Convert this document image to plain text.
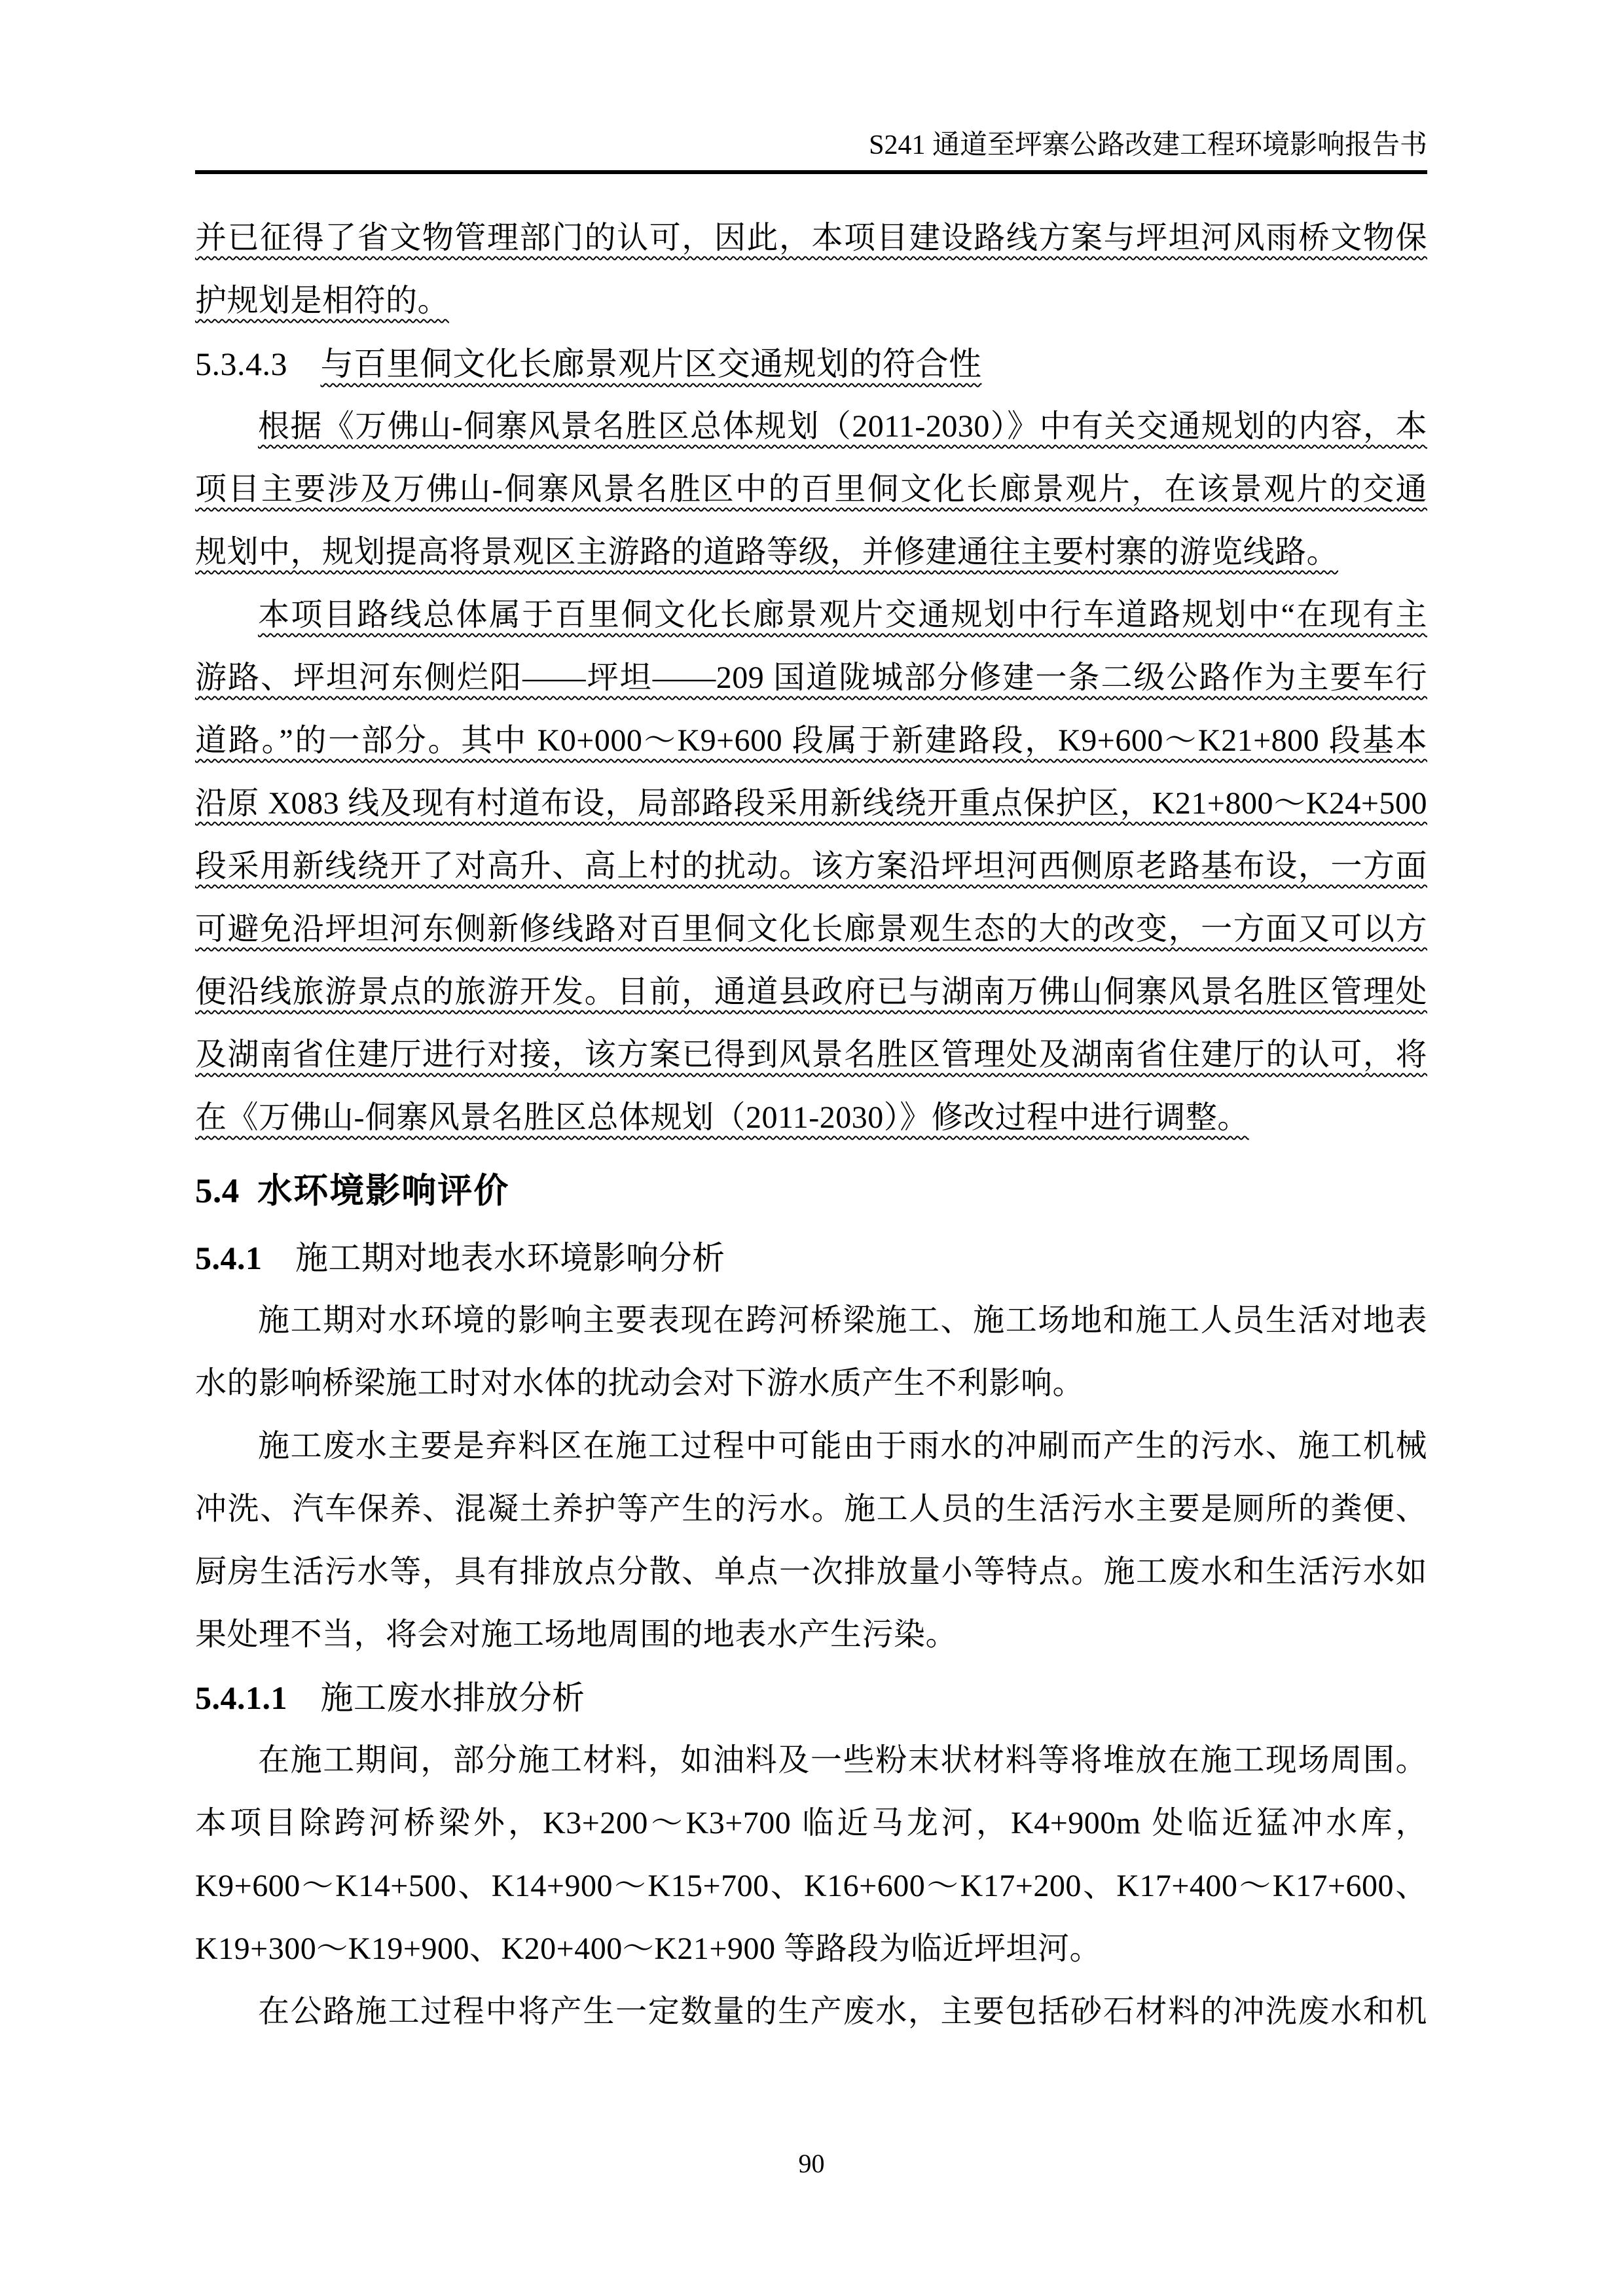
S241 通道至坪寨公路改建工程环境影响报告书
并已征得了省文物管理部门的认可，因此，本项目建设路线方案与坪坦河风雨桥文物保
护规划是相符的。
5.3.4.3　与百里侗文化长廊景观片区交通规划的符合性
根据《万佛山-侗寨风景名胜区总体规划（2011-2030）》中有关交通规划的内容，本
项目主要涉及万佛山-侗寨风景名胜区中的百里侗文化长廊景观片，在该景观片的交通
规划中，规划提高将景观区主游路的道路等级，并修建通往主要村寨的游览线路。
本项目路线总体属于百里侗文化长廊景观片交通规划中行车道路规划中“在现有主
游路、坪坦河东侧烂阳——坪坦——209 国道陇城部分修建一条二级公路作为主要车行
道路。”的一部分。其中 K0+000～K9+600 段属于新建路段，K9+600～K21+800 段基本
沿原 X083 线及现有村道布设，局部路段采用新线绕开重点保护区，K21+800～K24+500
段采用新线绕开了对高升、高上村的扰动。该方案沿坪坦河西侧原老路基布设，一方面
可避免沿坪坦河东侧新修线路对百里侗文化长廊景观生态的大的改变，一方面又可以方
便沿线旅游景点的旅游开发。目前，通道县政府已与湖南万佛山侗寨风景名胜区管理处
及湖南省住建厅进行对接，该方案已得到风景名胜区管理处及湖南省住建厅的认可，将
在《万佛山-侗寨风景名胜区总体规划（2011-2030）》修改过程中进行调整。
5.4  水环境影响评价
5.4.1　施工期对地表水环境影响分析
施工期对水环境的影响主要表现在跨河桥梁施工、施工场地和施工人员生活对地表
水的影响桥梁施工时对水体的扰动会对下游水质产生不利影响。
施工废水主要是弃料区在施工过程中可能由于雨水的冲刷而产生的污水、施工机械
冲洗、汽车保养、混凝土养护等产生的污水。施工人员的生活污水主要是厕所的粪便、
厨房生活污水等，具有排放点分散、单点一次排放量小等特点。施工废水和生活污水如
果处理不当，将会对施工场地周围的地表水产生污染。
5.4.1.1　施工废水排放分析
在施工期间，部分施工材料，如油料及一些粉末状材料等将堆放在施工现场周围。
本项目除跨河桥梁外，K3+200～K3+700 临近马龙河，K4+900m 处临近猛冲水库，
K9+600～K14+500、K14+900～K15+700、K16+600～K17+200、K17+400～K17+600、
K19+300～K19+900、K20+400～K21+900 等路段为临近坪坦河。
在公路施工过程中将产生一定数量的生产废水，主要包括砂石材料的冲洗废水和机
90
